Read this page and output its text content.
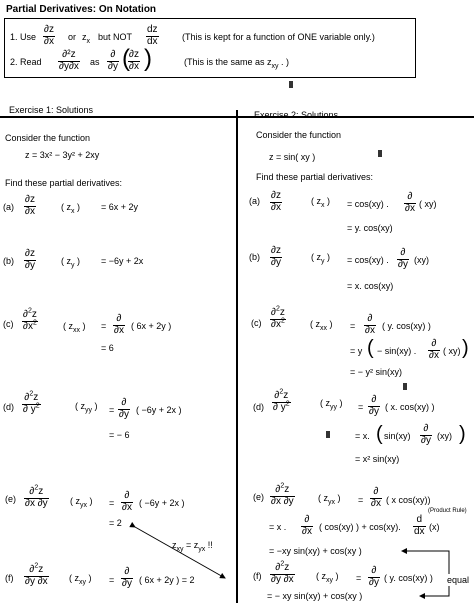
Partial Derivatives: On Notation
1. Use $\frac{\partial z}{\partial x}$ or $z_x$ but NOT $\frac{dz}{dx}$	(This is kept for a function of ONE variable only.)
2. Read $\frac{\text{∂²z}}{\partial y\partial x}$ as
∂
∂y (
$\frac{\partial z}{\partial x}$ )	(This is the same as $z_{xy}$ . )
Exercise 1: Solutions
Consider the function
z = 3x² − 3y² + 2xy
Find these partial derivatives:
$(a) \frac{\partial z}{\partial x}$	( $z_x$ ) = 6x + 2y
$(b) \frac{\partial z}{\partial y}$	( $z_y$ ) = −6y + 2x
$(c) \frac{\partial^2z}{\partial x^2}$	( $z_{xx}$ ) =
∂
∂x ( 6x + 2y )
= 6
$(d) \frac{\partial^2z}{\partial y^2}$	( $z_{yy}$ ) =
∂
∂y ( −6y + 2x )
= − 6
$(e) \frac{\partial^2z}{\partial x \partial y}$ ( $z_{yx}$ ) =
∂
∂x ( −6y + 2x )
= 2
$(f) \frac{\partial^2z}{\partial y \partial x}$ ( $z_{xy}$ ) =
∂
∂y ( 6x + 2y ) = 2
$z_{xy} = z_{yx}$ !!
Exercise 2: Solutions
Consider the function
z = sin( xy )
Find these partial derivatives:
$(a) \frac{\partial z}{\partial x}$	( $z_x$ ) = cos(xy) .
∂
∂x ( xy)
= y. cos(xy)
$(b) \frac{\partial z}{\partial y}$	( $z_y$ ) = cos(xy) .
∂
∂y (xy)
= x. cos(xy)
$(c) \frac{\partial^2z}{\partial x^2}$	( $z_{xx}$ ) =
∂
∂x ( y. cos(xy) )
= y ( − sin(xy) .
∂
∂x ( xy) )
= − y² sin(xy)
$(d) \frac{\partial^2z}{\partial y^2}$	( $z_{yy}$ ) =
∂
∂y ( x. cos(xy) )
= x. ( sin(xy)
∂
∂y (xy) )
= x² sin(xy)
$(e) \frac{\partial^2z}{\partial x \partial y}$	( $z_{yx}$ ) =
∂
∂x ( x cos(xy))
= x .
∂
∂x ( cos(xy) ) + cos(xy). $\frac{d}{dx} (x)$
(Product Rule)
= −xy sin(xy) + cos(xy )
$(f) \frac{\partial^2z}{\partial y \partial x}$ ( $z_{xy}$ ) =
∂
∂y ( y. cos(xy) )
= − xy sin(xy) + cos(xy )
equal
